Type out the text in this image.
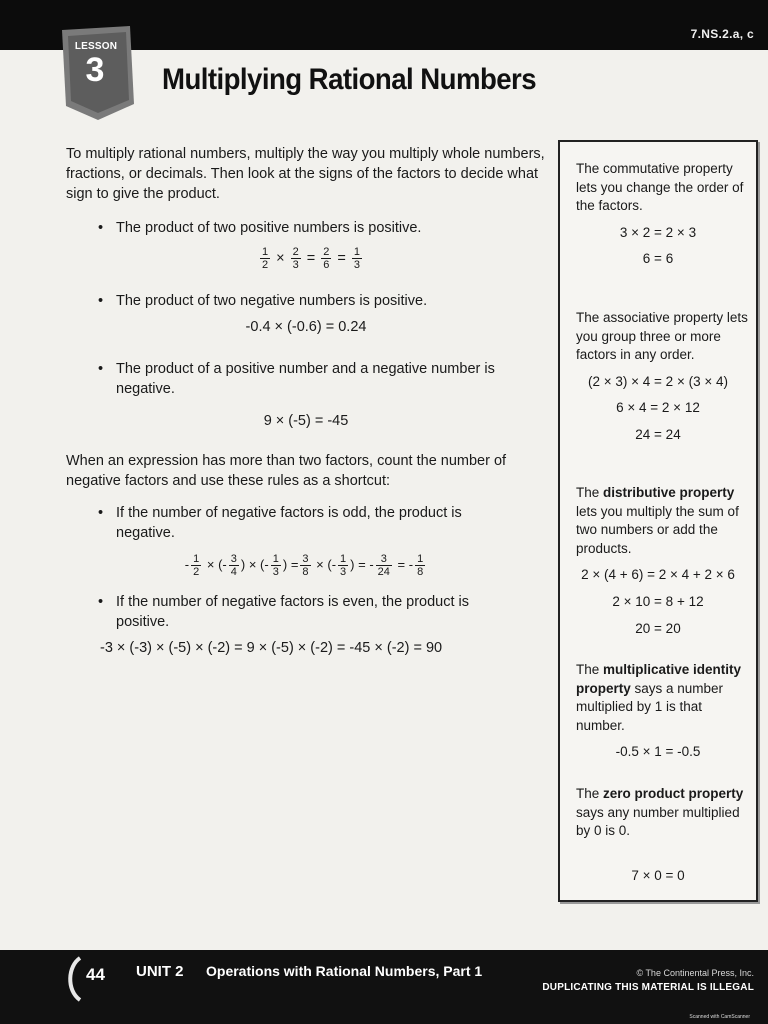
7.NS.2.a, c
LESSON
3	Multiplying Rational Numbers

To multiply rational numbers, multiply the way you multiply whole numbers, fractions, or decimals. Then look at the signs of the factors to decide what sign to give the product.

• The product of two positive numbers is positive.

$\frac{1}{2} \times \frac{2}{3} = \frac{2}{6} = \frac{1}{3}$

• The product of two negative numbers is positive.

-0.4 × (-0.6) = 0.24

• The product of a positive number and a negative number is
negative.

9 × (-5) = -45

When an expression has more than two factors, count the number of negative factors and use these rules as a shortcut:

• If the number of negative factors is odd, the product is
negative.

- $\frac{1}{2}$ × (- $\frac{3}{4}$ ) × (- $\frac{1}{3}$ ) = $\frac{3}{8}$ × (- $\frac{1}{3}$ ) = - $\frac{3}{24}$ = - $\frac{1}{8}$

• If the number of negative factors is even, the product is
positive.

-3 × (-3) × (-5) × (-2) = 9 × (-5) × (-2) = -45 × (-2) = 90

The commutative property lets you change the order of the factors.

3 × 2 = 2 × 3

6 = 6

The associative property lets you group three or more factors in any order.

(2 × 3) × 4 = 2 × (3 × 4)

6 × 4 = 2 × 12

24 = 24

The distributive property lets you multiply the sum of two numbers or add the products.

2 × (4 + 6) = 2 × 4 + 2 × 6

2 × 10 = 8 + 12

20 = 20

The multiplicative identity property says a number multiplied by 1 is that number.

-0.5 × 1 = -0.5

The zero product property says any number multiplied by 0 is 0.

7 × 0 = 0

44 UNIT 2 Operations with Rational Numbers, Part 1	© The Continental Press, Inc.
DUPLICATING THIS MATERIAL IS ILLEGAL
Scanned with CamScanner
